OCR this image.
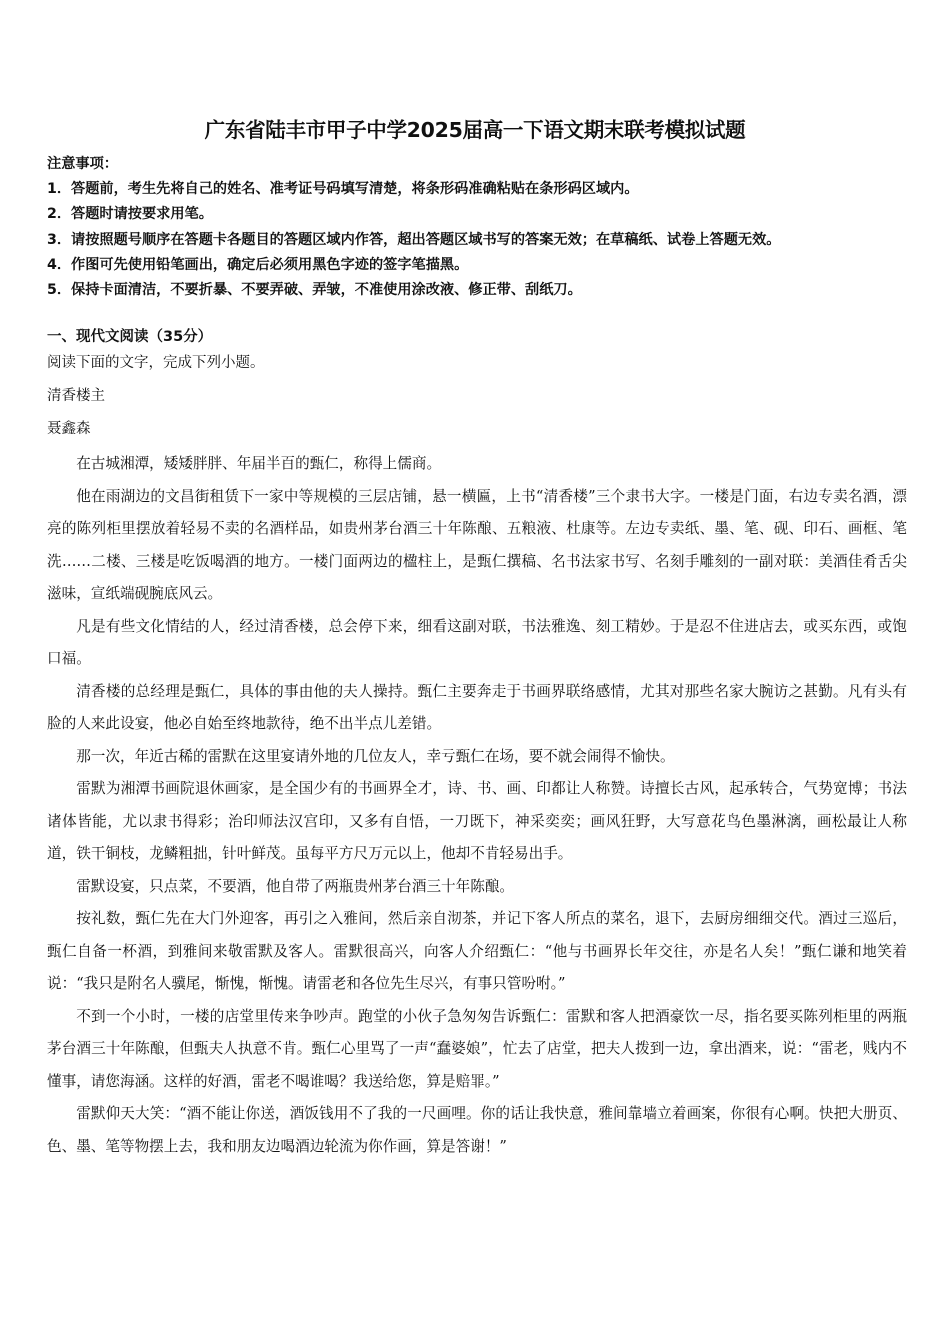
广东省陆丰市甲子中学2025届高一下语文期末联考模拟试题
注意事项：
1．答题前，考生先将自己的姓名、准考证号码填写清楚，将条形码准确粘贴在条形码区域内。
2．答题时请按要求用笔。
3．请按照题号顺序在答题卡各题目的答题区域内作答，超出答题区域书写的答案无效；在草稿纸、试卷上答题无效。
4．作图可先使用铅笔画出，确定后必须用黑色字迹的签字笔描黑。
5．保持卡面清洁，不要折暴、不要弄破、弄皱，不准使用涂改液、修正带、刮纸刀。
一、现代文阅读（35分）
阅读下面的文字，完成下列小题。
清香楼主
聂鑫森

在古城湘潭，矮矮胖胖、年届半百的甄仁，称得上儒商。

他在雨湖边的文昌街租赁下一家中等规模的三层店铺，悬一横匾，上书“清香楼”三个隶书大字。一楼是门面，右边专卖名酒，漂亮的陈列柜里摆放着轻易不卖的名酒样品，如贵州茅台酒三十年陈酿、五粮液、杜康等。左边专卖纸、墨、笔、砚、印石、画框、笔洗……二楼、三楼是吃饭喝酒的地方。一楼门面两边的楹柱上，是甄仁撰稿、名书法家书写、名刻手雕刻的一副对联：美酒佳肴舌尖滋味，宣纸端砚腕底风云。

凡是有些文化情结的人，经过清香楼，总会停下来，细看这副对联，书法雅逸、刻工精妙。于是忍不住进店去，或买东西，或饱口福。

清香楼的总经理是甄仁，具体的事由他的夫人操持。甄仁主要奔走于书画界联络感情，尤其对那些名家大腕访之甚勤。凡有头有脸的人来此设宴，他必自始至终地款待，绝不出半点儿差错。

那一次，年近古稀的雷默在这里宴请外地的几位友人，幸亏甄仁在场，要不就会闹得不愉快。

雷默为湘潭书画院退休画家，是全国少有的书画界全才，诗、书、画、印都让人称赞。诗擅长古风，起承转合，气势宽博；书法诸体皆能，尤以隶书得彩；治印师法汉宫印，又多有自悟，一刀既下，神采奕奕；画风狂野，大写意花鸟色墨淋漓，画松最让人称道，铁干铜枝，龙鳞粗拙，针叶鲜茂。虽每平方尺万元以上，他却不肯轻易出手。

雷默设宴，只点菜，不要酒，他自带了两瓶贵州茅台酒三十年陈酿。

按礼数，甄仁先在大门外迎客，再引之入雅间，然后亲自沏茶，并记下客人所点的菜名，退下，去厨房细细交代。酒过三巡后，甄仁自备一杯酒，到雅间来敬雷默及客人。雷默很高兴，向客人介绍甄仁：“他与书画界长年交往，亦是名人矣！”甄仁谦和地笑着说：“我只是附名人骥尾，惭愧，惭愧。请雷老和各位先生尽兴，有事只管吩咐。”

不到一个小时，一楼的店堂里传来争吵声。跑堂的小伙子急匆匆告诉甄仁：雷默和客人把酒豪饮一尽，指名要买陈列柜里的两瓶茅台酒三十年陈酿，但甄夫人执意不肯。甄仁心里骂了一声“蠢婆娘”，忙去了店堂，把夫人拨到一边，拿出酒来，说：“雷老，贱内不懂事，请您海涵。这样的好酒，雷老不喝谁喝？我送给您，算是赔罪。”

雷默仰天大笑：“酒不能让你送，酒饭钱用不了我的一尺画哩。你的话让我快意，雅间靠墙立着画案，你很有心啊。快把大册页、色、墨、笔等物摆上去，我和朋友边喝酒边轮流为你作画，算是答谢！”
